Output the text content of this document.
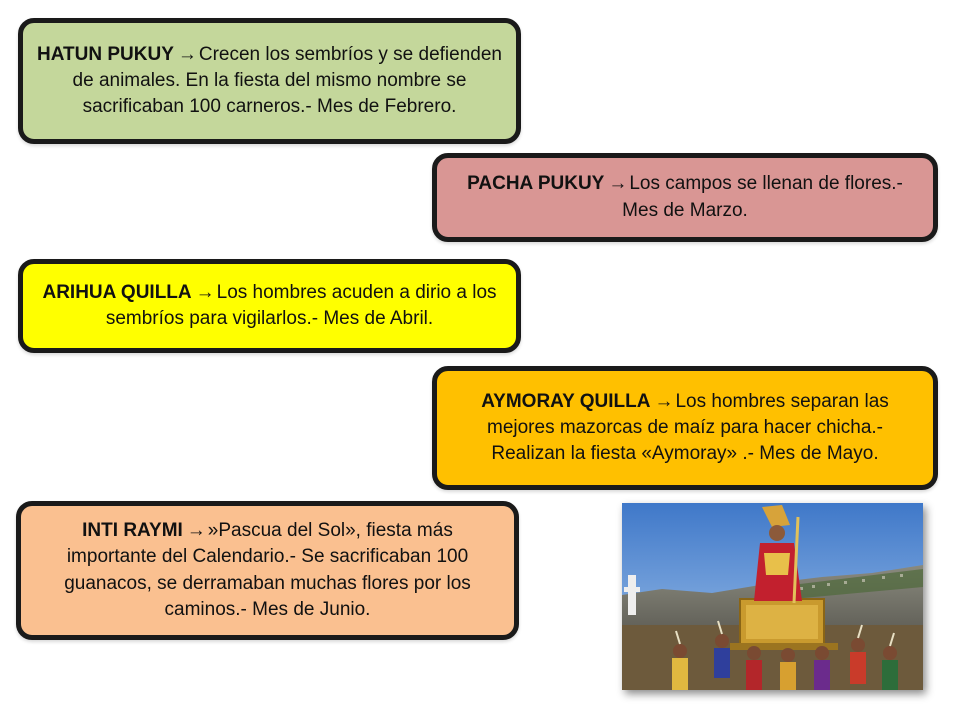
HATUN PUKUY → Crecen los sembríos y se defienden de animales. En la fiesta del mismo nombre se sacrificaban 100 carneros.- Mes de Febrero.

PACHA PUKUY → Los campos se llenan de flores.- Mes de Marzo.

ARIHUA QUILLA → Los hombres acuden a dirio a los sembríos para vigilarlos.- Mes de Abril.

AYMORAY QUILLA → Los hombres separan las mejores mazorcas de maíz para hacer chicha.- Realizan la fiesta «Aymoray» .- Mes de Mayo.

INTI RAYMI → »Pascua del Sol», fiesta más importante del Calendario.- Se sacrificaban 100 guanacos, se derramaban muchas flores por los caminos.- Mes de Junio.
